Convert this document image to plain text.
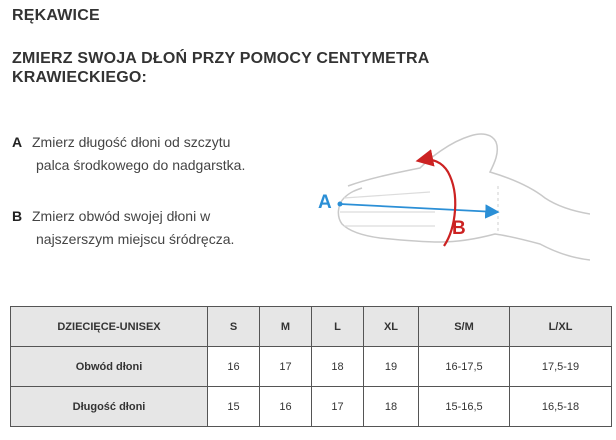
RĘKAWICE
ZMIERZ SWOJA DŁOŃ PRZY POMOCY CENTYMETRA KRAWIECKIEGO:
A Zmierz długość dłoni od szczytu
palca środkowego do nadgarstka.
B Zmierz obwód swojej dłoni w
najszerszym miejscu śródręcza.
A
B
DZIECIĘCE-UNISEX	S	M	L	XL	S/M	L/XL
Obwód dłoni	16	17	18	19	16-17,5	17,5-19
Długość dłoni	15	16	17	18	15-16,5	16,5-18
